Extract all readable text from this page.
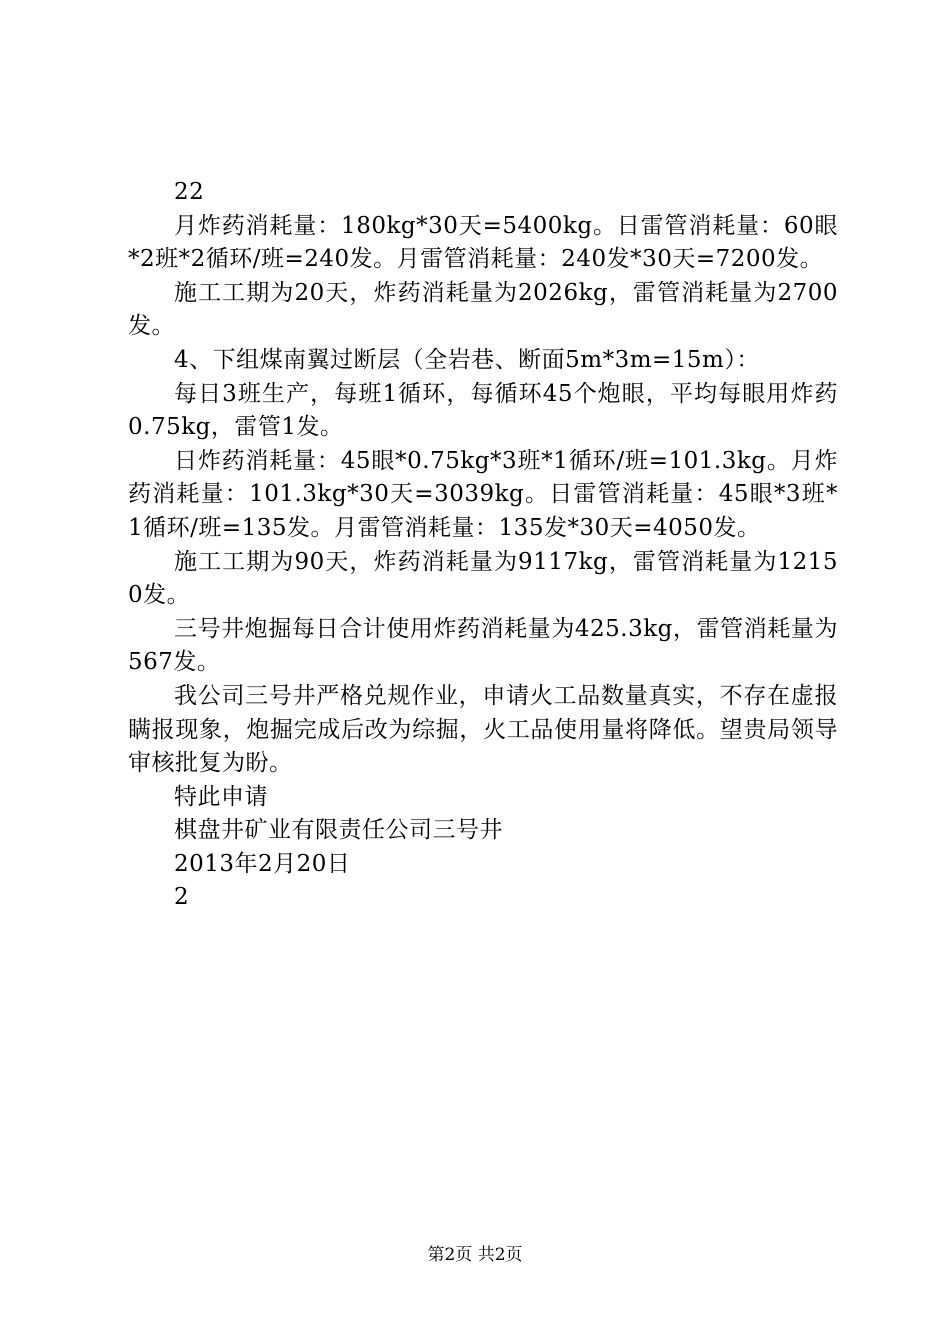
22

月炸药消耗量：180kg*30天=5400kg。日雷管消耗量：60眼*2班*2循环/班=240发。月雷管消耗量：240发*30天=7200发。

施工工期为20天，炸药消耗量为2026kg，雷管消耗量为2700发。

4、下组煤南翼过断层（全岩巷、断面5m*3m=15m）：

每日3班生产，每班1循环，每循环45个炮眼，平均每眼用炸药0.75kg，雷管1发。

日炸药消耗量：45眼*0.75kg*3班*1循环/班=101.3kg。月炸药消耗量：101.3kg*30天=3039kg。日雷管消耗量：45眼*3班*1循环/班=135发。月雷管消耗量：135发*30天=4050发。

施工工期为90天，炸药消耗量为9117kg，雷管消耗量为12150发。

三号井炮掘每日合计使用炸药消耗量为425.3kg，雷管消耗量为567发。

我公司三号井严格兑规作业，申请火工品数量真实，不存在虚报瞒报现象，炮掘完成后改为综掘，火工品使用量将降低。望贵局领导审核批复为盼。

特此申请

棋盘井矿业有限责任公司三号井

2013年2月20日

2

第2页 共2页
